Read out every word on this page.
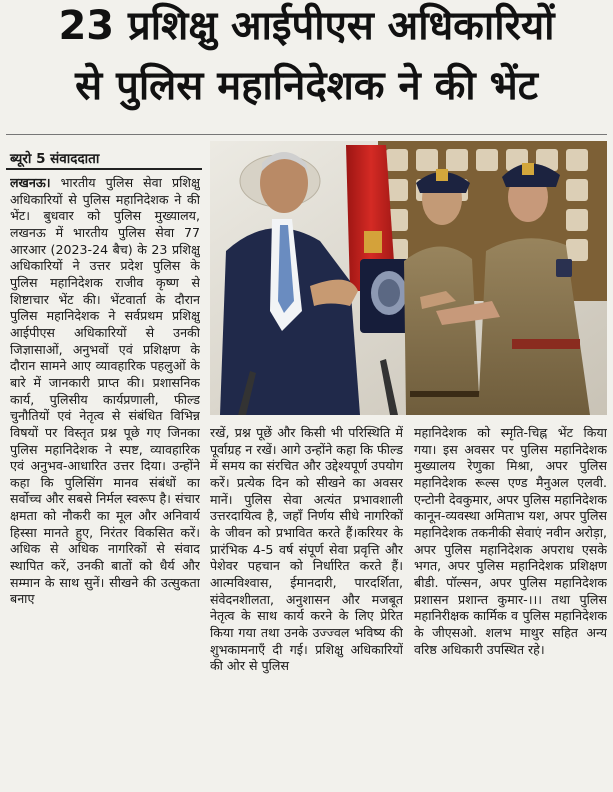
23 प्रशिक्षु आईपीएस अधिकारियों
से पुलिस महानिदेशक ने की भेंट
ब्यूरो 5 संवाददाता

लखनऊ। भारतीय पुलिस सेवा प्रशिक्षु अधिकारियों से पुलिस महानिदेशक ने की भेंट। बुधवार को पुलिस मुख्यालय, लखनऊ में भारतीय पुलिस सेवा 77 आरआर (2023-24 बैच) के 23 प्रशिक्षु अधिकारियों ने उत्तर प्रदेश पुलिस के पुलिस महानिदेशक राजीव कृष्ण से शिष्टाचार भेंट की। भेंटवार्ता के दौरान पुलिस महानिदेशक ने सर्वप्रथम प्रशिक्षु आईपीएस अधिकारियों से उनकी जिज्ञासाओं, अनुभवों एवं प्रशिक्षण के दौरान सामने आए व्यावहारिक पहलुओं के बारे में जानकारी प्राप्त की। प्रशासनिक कार्य, पुलिसीय कार्यप्रणाली, फील्ड चुनौतियों एवं नेतृत्व से संबंधित विभिन्न विषयों पर विस्तृत प्रश्न पूछे गए जिनका पुलिस महानिदेशक ने स्पष्ट, व्यावहारिक एवं अनुभव-आधारित उत्तर दिया। उन्होंने कहा कि पुलिसिंग मानव संबंधों का सर्वोच्च और सबसे निर्मल स्वरूप है। संचार क्षमता को नौकरी का मूल और अनिवार्य हिस्सा मानते हुए, निरंतर विकसित करें। अधिक से अधिक नागरिकों से संवाद स्थापित करें, उनकी बातों को धैर्य और सम्मान के साथ सुनें। सीखने की उत्सुकता बनाए

रखें, प्रश्न पूछें और किसी भी परिस्थिति में पूर्वाग्रह न रखें। आगे उन्होंने कहा कि फील्ड में समय का संरचित और उद्देश्यपूर्ण उपयोग करें। प्रत्येक दिन को सीखने का अवसर मानें। पुलिस सेवा अत्यंत प्रभावशाली उत्तरदायित्व है, जहाँ निर्णय सीधे नागरिकों के जीवन को प्रभावित करते हैं।करियर के प्रारंभिक 4-5 वर्ष संपूर्ण सेवा प्रवृत्ति और पेशेवर पहचान को निर्धारित करते हैं। आत्मविश्वास, ईमानदारी, पारदर्शिता, संवेदनशीलता, अनुशासन और मजबूत नेतृत्व के साथ कार्य करने के लिए प्रेरित किया गया तथा उनके उज्ज्वल भविष्य की शुभकामनाएँ दी गई। प्रशिक्षु अधिकारियों की ओर से पुलिस

महानिदेशक को स्मृति-चिह्न भेंट किया गया। इस अवसर पर पुलिस महानिदेशक मुख्यालय रेणुका मिश्रा, अपर पुलिस महानिदेशक रूल्स एण्ड मैनुअल एलवी. एन्टोनी देवकुमार, अपर पुलिस महानिदेशक कानून-व्यवस्था अमिताभ यश, अपर पुलिस महानिदेशक तकनीकी सेवाएं नवीन अरोड़ा, अपर पुलिस महानिदेशक अपराध एसके भगत, अपर पुलिस महानिदेशक प्रशिक्षण बीडी. पॉल्सन, अपर पुलिस महानिदेशक प्रशासन प्रशान्त कुमार-।।। तथा पुलिस महानिरीक्षक कार्मिक व पुलिस महानिदेशक के जीएसओ. शलभ माथुर सहित अन्य वरिष्ठ अधिकारी उपस्थित रहे।
